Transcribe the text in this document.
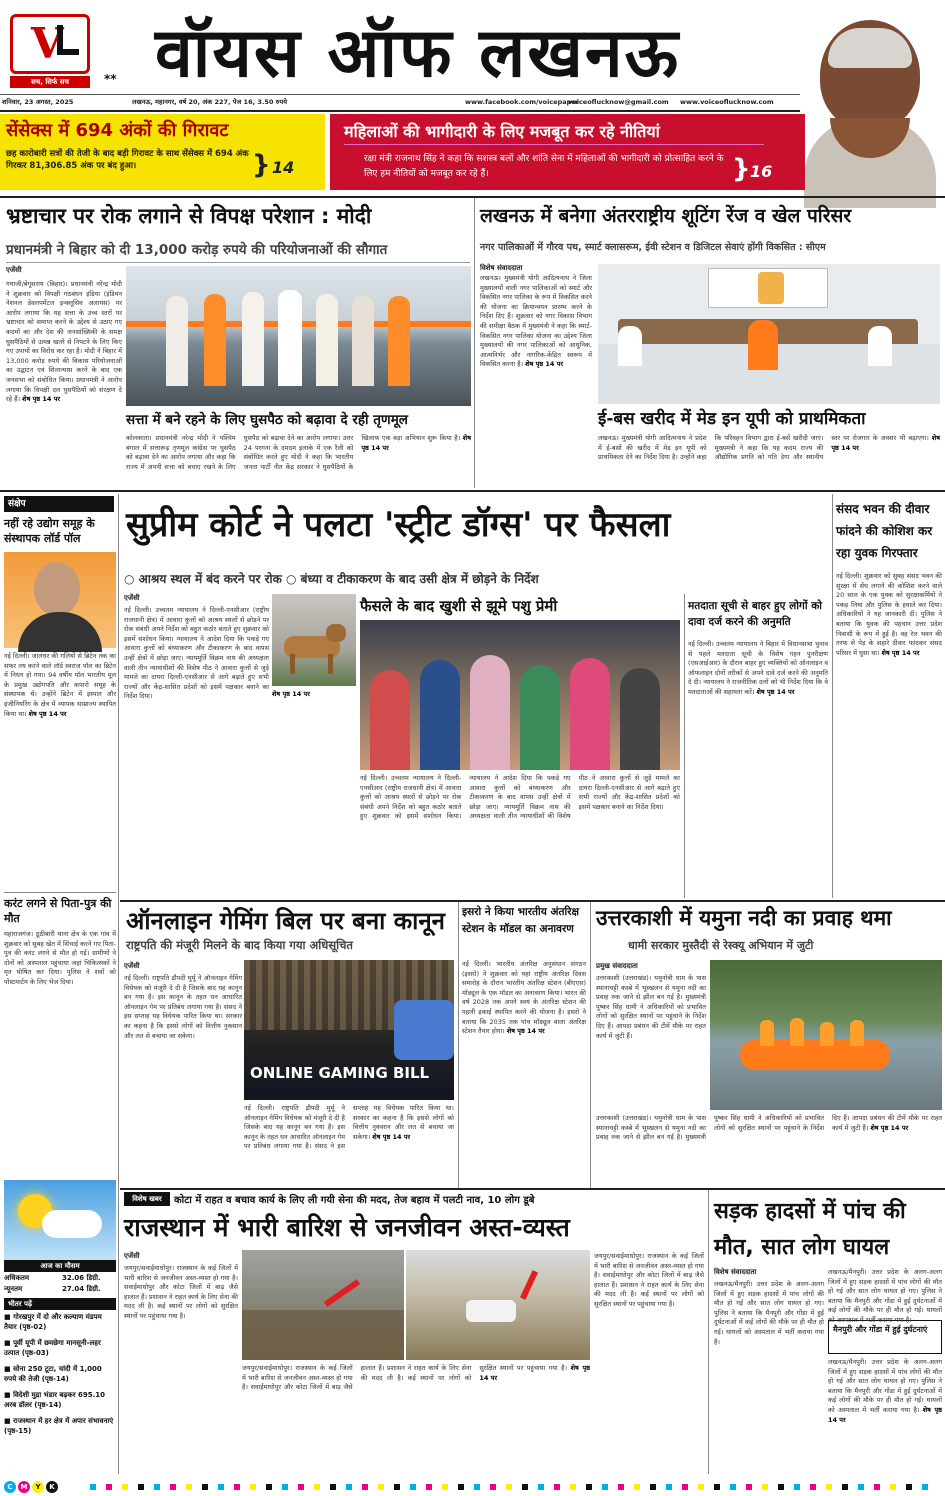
V
सच, सिर्फ सच	** वॉयस ऑफ लखनऊ
शनिवार, 23 अगस्त, 2025	लखनऊ, महानगर, वर्ष 20, अंक 227, पेज 16, 3.50 रुपये	www.facebook.com/voicepaper
voiceoflucknow@gmail.com www.voiceoflucknow.com
सेंसेक्स में 694 अंकों की गिरावट
छह कारोबारी सत्रों की तेजी के बाद बड़ी गिरावट के साथ सेंसेक्स में 694 अंक गिरकर 81,306.85 अंक पर बंद हुआ।	} 14
महिलाओं की भागीदारी के लिए मजबूत कर रहे नीतियां
रक्षा मंत्री राजनाथ सिंह ने कहा कि सशस्त्र बलों और शांति सेना में महिलाओं की भागीदारी को प्रोत्साहित करने के लिए हम नीतियों को मजबूत कर रहे हैं।	} 16
भ्रष्टाचार पर रोक लगाने से विपक्ष परेशान : मोदी
प्रधानमंत्री ने बिहार को दी 13,000 करोड़ रुपये की परियोजनाओं की सौगात
एजेंसी
गयाजी/बेगूसराय (बिहार)। प्रधानमंत्री नरेन्द्र मोदी ने शुक्रवार को विपक्षी गठबंधन इंडिया (इंडियन नेशनल डेवलपमेंटल इन्क्लूसिव अलायंस) पर आरोप लगाया कि यह सत्ता के उच्च स्तरों पर भ्रष्टाचार को समाप्त करने के उद्देश्य से उठाए गए कदमों का और देश की जनसांख्यिकी के समक्ष घुसपैठियों से उत्पन्न खतरे से निपटने के लिए किए गए उपायों का विरोध कर रहा है। मोदी ने बिहार में 13,000 करोड़ रुपये की विकास परियोजनाओं का उद्घाटन एवं शिलान्यास करने के बाद एक जनसभा को संबोधित किया। प्रधानमंत्री ने आरोप लगाया कि विपक्षी दल घुसपैठियों को संरक्षण दे रहे हैं। शेष पृष्ठ 14 पर
सत्ता में बने रहने के लिए घुसपैठ को बढ़ावा दे रही तृणमूल
कोलकाता। प्रधानमंत्री नरेन्द्र मोदी ने पश्चिम बंगाल में सत्तारूढ़ तृणमूल कांग्रेस पर घुसपैठ को बढ़ावा देने का आरोप लगाया और कहा कि राज्य में अपनी सत्ता को बचाए रखने के लिए घुसपैठ को बढ़ावा देने का आरोप लगाया। उत्तर 24 परगना के दमदम इलाके में एक रैली को संबोधित करते हुए मोदी ने कहा कि भारतीय जनता पार्टी नीत केंद्र सरकार ने घुसपैठियों के खिलाफ एक बड़ा अभियान शुरू किया है। शेष पृष्ठ 14 पर
लखनऊ में बनेगा अंतरराष्ट्रीय शूटिंग रेंज व खेल परिसर
नगर पालिकाओं में गौरव पथ, स्मार्ट क्लासरूम, ईवी स्टेशन व डिजिटल सेवाएं होंगी विकसित : सीएम
विशेष संवाददाता
लखनऊ। मुख्यमंत्री योगी आदित्यनाथ ने जिला मुख्यालयों वाली नगर पालिकाओं को स्मार्ट और विकसित नगर पालिका के रूप में विकसित करने की योजना का क्रियान्वयन प्रारम्भ करने के निर्देश दिए हैं। शुक्रवार को नगर विकास विभाग की समीक्षा बैठक में मुख्यमंत्री ने कहा कि स्मार्ट-विकसित नगर पालिका योजना का उद्देश्य जिला मुख्यालयों की नगर पालिकाओं को आधुनिक, आत्मनिर्भर और नागरिक-केंद्रित स्वरूप में विकसित करना है। शेष पृष्ठ 14 पर
ई-बस खरीद में मेड इन यूपी को प्राथमिकता
लखनऊ। मुख्यमंत्री योगी आदित्यनाथ ने प्रदेश में ई-बसों की खरीद में मेड इन यूपी को प्राथमिकता देने का निर्देश दिया है। उन्होंने कहा कि परिवहन विभाग द्वारा ई-बसें खरीदी जाएं। मुख्यमंत्री ने कहा कि यह कदम राज्य की औद्योगिक प्रगति को गति देगा और स्थानीय स्तर पर रोजगार के अवसर भी बढ़ाएगा। शेष पृष्ठ 14 पर
संक्षेप
नहीं रहे उद्योग समूह के संस्थापक लॉर्ड पॉल
नई दिल्ली। जालंधर की गलियों से ब्रिटेन तक का सफर तय करने वाले लॉर्ड स्वराज पॉल का ब्रिटेन में निधन हो गया। 94 वर्षीय पॉल भारतीय मूल के प्रमुख उद्योगपति और कपारो समूह के संस्थापक थे। उन्होंने ब्रिटेन में इस्पात और इंजीनियरिंग के क्षेत्र में व्यापक साम्राज्य स्थापित किया था। शेष पृष्ठ 14 पर
करंट लगने से पिता-पुत्र की मौत
महाराजगंज। ठूठीबारी थाना क्षेत्र के एक गांव में शुक्रवार को सुबह खेत में सिंचाई करने गए पिता-पुत्र की करंट लगने से मौत हो गई। ग्रामीणों ने दोनों को अस्पताल पहुंचाया जहां चिकित्सकों ने मृत घोषित कर दिया। पुलिस ने शवों को पोस्टमार्टम के लिए भेज दिया।
आज का मौसम
अधिकतम	32.06 डिग्री.
न्यूनतम	27.04 डिग्री.
भीतर पढ़ें
■ गोरखपुर में दो और कल्याण मंडपम तैयार (पृष्ठ-02)
■ पूर्वी यूपी में छमछेगा मानसूनी-लहर उत्पात (पृष्ठ-03)
■ सोना 250 टूटा, चांदी में 1,000 रुपये की तेजी (पृष्ठ-14)
■ विदेशी मुद्रा भंडार बढ़कर 695.10 अरब डॉलर (पृष्ठ-14)
■ राजस्थान में हर क्षेत्र में अपार संभावनाएं (पृष्ठ-15)
सुप्रीम कोर्ट ने पलटा 'स्ट्रीट डॉग्स' पर फैसला
○ आश्रय स्थल में बंद करने पर रोक ○ बंध्या व टीकाकरण के बाद उसी क्षेत्र में छोड़ने के निर्देश
एजेंसी
नई दिल्ली। उच्चतम न्यायालय ने दिल्ली-एनसीआर (राष्ट्रीय राजधानी क्षेत्र) में आवारा कुत्तों को आश्रय स्थलों से छोड़ने पर रोक संबंधी अपने निर्देश को बहुत कठोर बताते हुए शुक्रवार को इसमें संशोधन किया। न्यायालय ने आदेश दिया कि पकड़े गए आवारा कुत्तों को बंध्याकरण और टीकाकरण के बाद वापस उन्हीं क्षेत्रों में छोड़ा जाए। न्यायमूर्ति विक्रम नाथ की अध्यक्षता वाली तीन न्यायाधीशों की विशेष पीठ ने आवारा कुत्तों से जुड़े मामले का दायरा दिल्ली-एनसीआर से आगे बढ़ाते हुए सभी राज्यों और केंद्र-शासित प्रदेशों को इसमें पक्षकार बनाने का निर्देश दिया।	शेष पृष्ठ 14 पर
फैसले के बाद खुशी से झूमे पशु प्रेमी
नई दिल्ली। उच्चतम न्यायालय ने दिल्ली-एनसीआर (राष्ट्रीय राजधानी क्षेत्र) में आवारा कुत्तों को आश्रय स्थलों से छोड़ने पर रोक संबंधी अपने निर्देश को बहुत कठोर बताते हुए शुक्रवार को इसमें संशोधन किया। न्यायालय ने आदेश दिया कि पकड़े गए आवारा कुत्तों को बंध्याकरण और टीकाकरण के बाद वापस उन्हीं क्षेत्रों में छोड़ा जाए। न्यायमूर्ति विक्रम नाथ की अध्यक्षता वाली तीन न्यायाधीशों की विशेष पीठ ने आवारा कुत्तों से जुड़े मामले का दायरा दिल्ली-एनसीआर से आगे बढ़ाते हुए सभी राज्यों और केंद्र-शासित प्रदेशों को इसमें पक्षकार बनाने का निर्देश दिया।
मतदाता सूची से बाहर हुए लोगों को दावा दर्ज करने की अनुमति
नई दिल्ली। उच्चतम न्यायालय ने बिहार में विधानसभा चुनाव से पहले मतदाता सूची के विशेष गहन पुनरीक्षण (एसआईआर) के दौरान बाहर हुए व्यक्तियों को ऑनलाइन व ऑफलाइन दोनों तरीकों से अपने दावे दर्ज करने की अनुमति दे दी। न्यायालय ने राजनीतिक दलों को भी निर्देश दिया कि वे मतदाताओं की सहायता करें। शेष पृष्ठ 14 पर
संसद भवन की दीवार फांदने की कोशिश कर रहा युवक गिरफ्तार
नई दिल्ली। शुक्रवार को सुबह संसद भवन की सुरक्षा में सेंध लगाने की कोशिश करने वाले 20 साल के एक युवक को सुरक्षाकर्मियों ने पकड़ लिया और पुलिस के हवाले कर दिया। अधिकारियों ने यह जानकारी दी। पुलिस ने बताया कि युवक की पहचान उत्तर प्रदेश निवासी के रूप में हुई है। वह रेल भवन की तरफ से पेड़ के सहारे दीवार फांदकर संसद परिसर में घुसा था। शेष पृष्ठ 14 पर
ऑनलाइन गेमिंग बिल पर बना कानून
राष्ट्रपति की मंजूरी मिलने के बाद किया गया अधिसूचित
एजेंसी
नई दिल्ली। राष्ट्रपति द्रौपदी मुर्मू ने ऑनलाइन गेमिंग विधेयक को मंजूरी दे दी है जिसके बाद यह कानून बन गया है। इस कानून के तहत धन आधारित ऑनलाइन गेम पर प्रतिबंध लगाया गया है। संसद ने इस सप्ताह यह विधेयक पारित किया था। सरकार का कहना है कि इससे लोगों को वित्तीय नुकसान और लत से बचाया जा सकेगा।
ONLINE GAMING BILL
नई दिल्ली। राष्ट्रपति द्रौपदी मुर्मू ने ऑनलाइन गेमिंग विधेयक को मंजूरी दे दी है जिसके बाद यह कानून बन गया है। इस कानून के तहत धन आधारित ऑनलाइन गेम पर प्रतिबंध लगाया गया है। संसद ने इस सप्ताह यह विधेयक पारित किया था। सरकार का कहना है कि इससे लोगों को वित्तीय नुकसान और लत से बचाया जा सकेगा। शेष पृष्ठ 14 पर
इसरो ने किया भारतीय अंतरिक्ष स्टेशन के मॉडल का अनावरण
नई दिल्ली। भारतीय अंतरिक्ष अनुसंधान संगठन (इसरो) ने शुक्रवार को यहां राष्ट्रीय अंतरिक्ष दिवस समारोह के दौरान भारतीय अंतरिक्ष स्टेशन (बीएएस) मॉड्यूल के एक मॉडल का अनावरण किया। भारत की वर्ष 2028 तक अपने स्वयं के अंतरिक्ष स्टेशन की पहली इकाई स्थापित करने की योजना है। इसरो ने बताया कि 2035 तक पांच मॉड्यूल वाला अंतरिक्ष स्टेशन तैयार होगा। शेष पृष्ठ 14 पर
उत्तरकाशी में यमुना नदी का प्रवाह थमा
धामी सरकार मुस्तैदी से रेस्क्यू अभियान में जुटी
प्रमुख संवाददाता
उत्तरकाशी (उत्तराखंड)। यमुनोत्री धाम के पास स्यानाचट्टी कस्बे में भूस्खलन से यमुना नदी का प्रवाह रुक जाने से झील बन गई है। मुख्यमंत्री पुष्कर सिंह धामी ने अधिकारियों को प्रभावित लोगों को सुरक्षित स्थानों पर पहुंचाने के निर्देश दिए हैं। आपदा प्रबंधन की टीमें मौके पर राहत कार्य में जुटी हैं।
उत्तरकाशी (उत्तराखंड)। यमुनोत्री धाम के पास स्यानाचट्टी कस्बे में भूस्खलन से यमुना नदी का प्रवाह रुक जाने से झील बन गई है। मुख्यमंत्री पुष्कर सिंह धामी ने अधिकारियों को प्रभावित लोगों को सुरक्षित स्थानों पर पहुंचाने के निर्देश दिए हैं। आपदा प्रबंधन की टीमें मौके पर राहत कार्य में जुटी हैं। शेष पृष्ठ 14 पर
विशेष खबर	कोटा में राहत व बचाव कार्य के लिए ली गयी सेना की मदद, तेज बहाव में पलटी नाव, 10 लोग डूबे
राजस्थान में भारी बारिश से जनजीवन अस्त-व्यस्त
एजेंसी
जयपुर/सवाईमाधोपुर। राजस्थान के कई जिलों में भारी बारिश से जनजीवन अस्त-व्यस्त हो गया है। सवाईमाधोपुर और कोटा जिलों में बाढ़ जैसे हालात हैं। प्रशासन ने राहत कार्य के लिए सेना की मदद ली है। कई स्थानों पर लोगों को सुरक्षित स्थानों पर पहुंचाया गया है।
जयपुर/सवाईमाधोपुर। राजस्थान के कई जिलों में भारी बारिश से जनजीवन अस्त-व्यस्त हो गया है। सवाईमाधोपुर और कोटा जिलों में बाढ़ जैसे हालात हैं। प्रशासन ने राहत कार्य के लिए सेना की मदद ली है। कई स्थानों पर लोगों को सुरक्षित स्थानों पर पहुंचाया गया है। शेष पृष्ठ 14 पर
जयपुर/सवाईमाधोपुर। राजस्थान के कई जिलों में भारी बारिश से जनजीवन अस्त-व्यस्त हो गया है। सवाईमाधोपुर और कोटा जिलों में बाढ़ जैसे हालात हैं। प्रशासन ने राहत कार्य के लिए सेना की मदद ली है। कई स्थानों पर लोगों को सुरक्षित स्थानों पर पहुंचाया गया है।
सड़क हादसों में पांच की मौत, सात लोग घायल
विशेष संवाददाता
लखनऊ/मैनपुरी। उत्तर प्रदेश के अलग-अलग जिलों में हुए सड़क हादसों में पांच लोगों की मौत हो गई और सात लोग घायल हो गए। पुलिस ने बताया कि मैनपुरी और गोंडा में हुई दुर्घटनाओं में कई लोगों की मौके पर ही मौत हो गई। घायलों को अस्पताल में भर्ती कराया गया है।
मैनपुरी और गोंडा में हुई दुर्घटनाएं
लखनऊ/मैनपुरी। उत्तर प्रदेश के अलग-अलग जिलों में हुए सड़क हादसों में पांच लोगों की मौत हो गई और सात लोग घायल हो गए। पुलिस ने बताया कि मैनपुरी और गोंडा में हुई दुर्घटनाओं में कई लोगों की मौके पर ही मौत हो गई। घायलों को अस्पताल में भर्ती कराया गया है।
लखनऊ/मैनपुरी। उत्तर प्रदेश के अलग-अलग जिलों में हुए सड़क हादसों में पांच लोगों की मौत हो गई और सात लोग घायल हो गए। पुलिस ने बताया कि मैनपुरी और गोंडा में हुई दुर्घटनाओं में कई लोगों की मौके पर ही मौत हो गई। घायलों को अस्पताल में भर्ती कराया गया है। शेष पृष्ठ 14 पर
C	M	Y	K
